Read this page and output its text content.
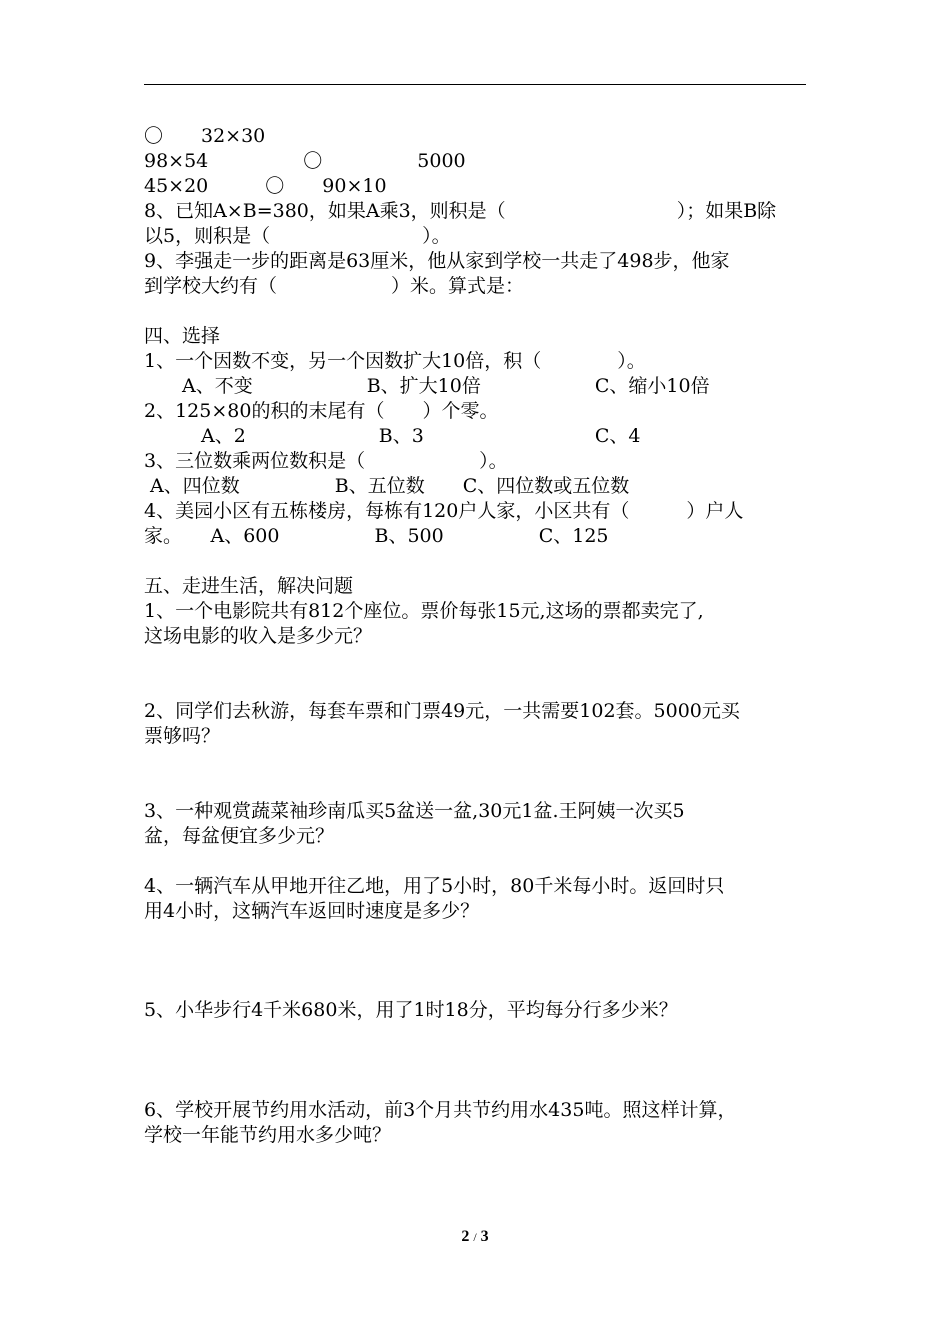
〇　　32×30
98×54　　　　　〇　　　　　5000
45×20　　　〇　　90×10
8、已知A×B=380，如果A乘3，则积是（　　　　　　　　　）；如果B除
以5，则积是（　　　　　　　　）。
9、李强走一步的距离是63厘米，他从家到学校一共走了498步，他家
到学校大约有（　　　　　　）米。算式是：
四、选择
1、一个因数不变，另一个因数扩大10倍，积（　　　　）。
　　A、不变　　　　　　B、扩大10倍　　　　　　C、缩小10倍
2、125×80的积的末尾有（　　）个零。
　　　A、2　　　　　　　B、3　　　　　　　　　C、4
3、三位数乘两位数积是（　　　　　　）。
A、四位数　　　　　B、五位数　　C、四位数或五位数
4、美园小区有五栋楼房，每栋有120户人家，小区共有（　　　）户人
家。　　A、600　　　　　B、500　　　　　C、125
五、走进生活，解决问题
1、一个电影院共有812个座位。票价每张15元,这场的票都卖完了,
这场电影的收入是多少元？
2、同学们去秋游，每套车票和门票49元，一共需要102套。5000元买
票够吗？
3、一种观赏蔬菜袖珍南瓜买5盆送一盆,30元1盆.王阿姨一次买5
盆，每盆便宜多少元？
4、一辆汽车从甲地开往乙地，用了5小时，80千米每小时。返回时只
用4小时，这辆汽车返回时速度是多少？
5、小华步行4千米680米，用了1时18分，平均每分行多少米？
6、学校开展节约用水活动，前3个月共节约用水435吨。照这样计算，
学校一年能节约用水多少吨？
2 / 3
